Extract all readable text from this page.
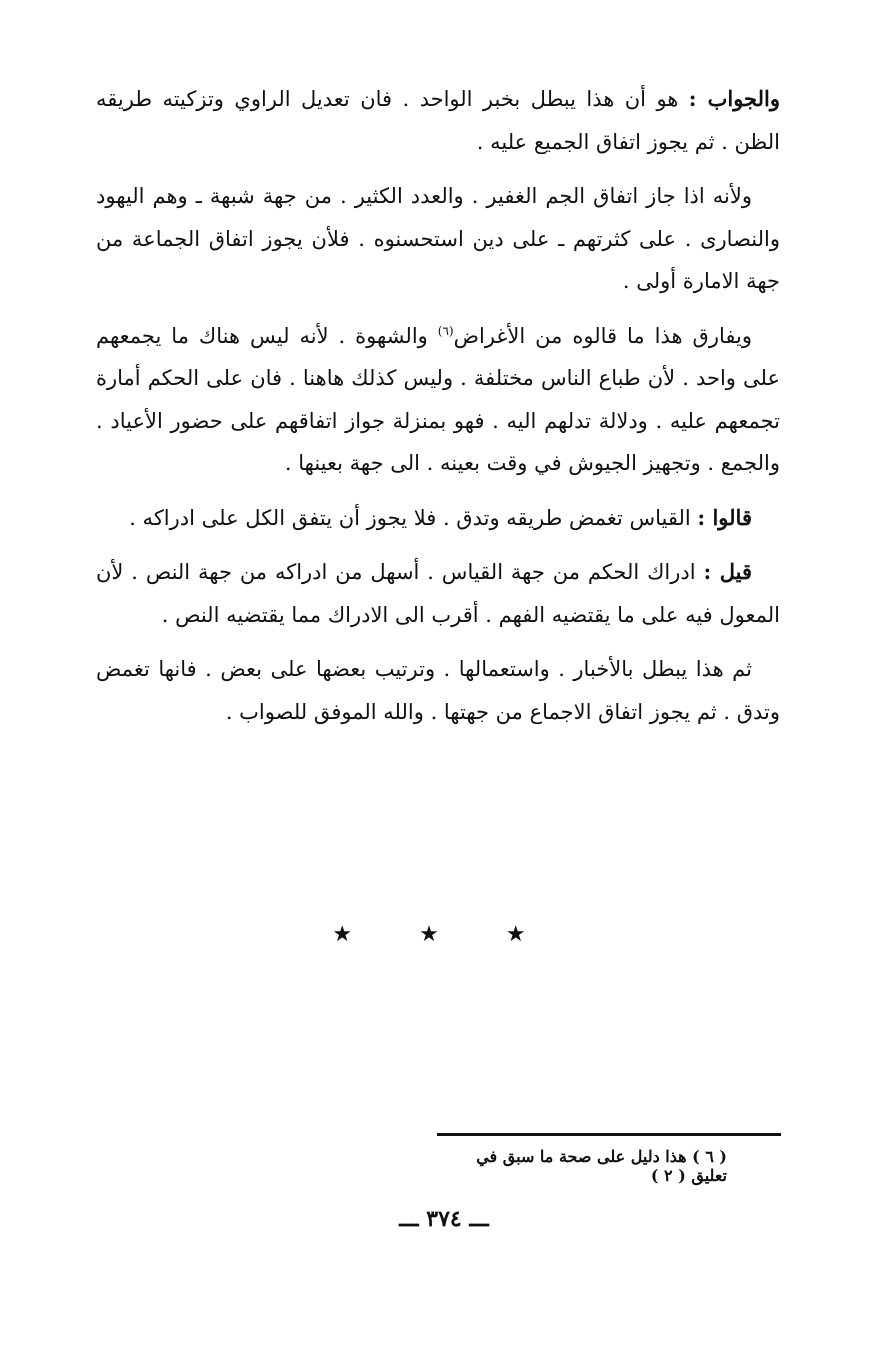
والجواب : هو أن هذا يبطل بخبر الواحد . فان تعديل الراوي وتزكيته طريقه الظن . ثم يجوز اتفاق الجميع عليه .

ولأنه اذا جاز اتفاق الجم الغفير . والعدد الكثير . من جهة شبهة ـ وهم اليهود والنصارى . على كثرتهم ـ على دين استحسنوه . فلأن يجوز اتفاق الجماعة من جهة الامارة أولى .

ويفارق هذا ما قالوه من الأغراض$^{(٦)}$ والشهوة . لأنه ليس هناك ما يجمعهم على واحد . لأن طباع الناس مختلفة . وليس كذلك هاهنا . فان على الحكم أمارة تجمعهم عليه . ودلالة تدلهم اليه . فهو بمنزلة جواز اتفاقهم على حضور الأعياد . والجمع . وتجهيز الجيوش في وقت بعينه . الى جهة بعينها .

قالوا : القياس تغمض طريقه وتدق . فلا يجوز أن يتفق الكل على ادراكه .

قيل : ادراك الحكم من جهة القياس . أسهل من ادراكه من جهة النص . لأن المعول فيه على ما يقتضيه الفهم . أقرب الى الادراك مما يقتضيه النص .

ثم هذا يبطل بالأخبار . واستعمالها . وترتيب بعضها على بعض . فانها تغمض وتدق . ثم يجوز اتفاق الاجماع من جهتها . والله الموفق للصواب .

★ ★ ★
( ٦ ) هذا دليل على صحة ما سبق في تعليق ( ٢ )
ـــ ٣٧٤ ـــ
